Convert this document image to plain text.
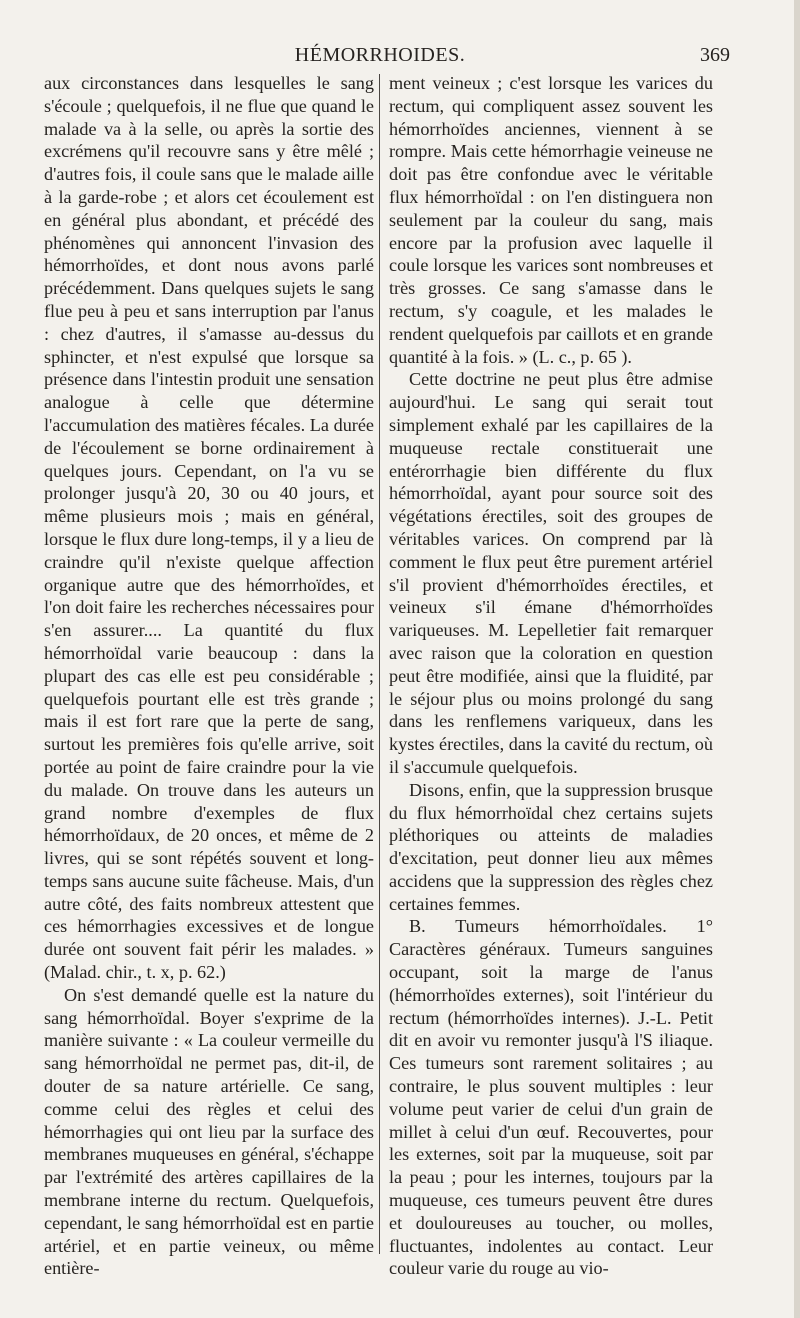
HÉMORRHOIDES.	369

aux circonstances dans lesquelles le sang s'écoule ; quelquefois, il ne flue que quand le malade va à la selle, ou après la sortie des excrémens qu'il recouvre sans y être mêlé ; d'autres fois, il coule sans que le malade aille à la garde-robe ; et alors cet écoulement est en général plus abondant, et précédé des phénomènes qui annoncent l'invasion des hémorrhoïdes, et dont nous avons parlé précédemment. Dans quelques sujets le sang flue peu à peu et sans interruption par l'anus : chez d'autres, il s'amasse au-dessus du sphincter, et n'est expulsé que lorsque sa présence dans l'intestin produit une sensation analogue à celle que détermine l'accumulation des matières fécales. La durée de l'écoulement se borne ordinairement à quelques jours. Cependant, on l'a vu se prolonger jusqu'à 20, 30 ou 40 jours, et même plusieurs mois ; mais en général, lorsque le flux dure long-temps, il y a lieu de craindre qu'il n'existe quelque affection organique autre que des hémorrhoïdes, et l'on doit faire les recherches nécessaires pour s'en assurer.... La quantité du flux hémorrhoïdal varie beaucoup : dans la plupart des cas elle est peu considérable ; quelquefois pourtant elle est très grande ; mais il est fort rare que la perte de sang, surtout les premières fois qu'elle arrive, soit portée au point de faire craindre pour la vie du malade. On trouve dans les auteurs un grand nombre d'exemples de flux hémorrhoïdaux, de 20 onces, et même de 2 livres, qui se sont répétés souvent et long-temps sans aucune suite fâcheuse. Mais, d'un autre côté, des faits nombreux attestent que ces hémorrhagies excessives et de longue durée ont souvent fait périr les malades. » (Malad. chir., t. x, p. 62.)

On s'est demandé quelle est la nature du sang hémorrhoïdal. Boyer s'exprime de la manière suivante : « La couleur vermeille du sang hémorrhoïdal ne permet pas, dit-il, de douter de sa nature artérielle. Ce sang, comme celui des règles et celui des hémorrhagies qui ont lieu par la surface des membranes muqueuses en général, s'échappe par l'extrémité des artères capillaires de la membrane interne du rectum. Quelquefois, cependant, le sang hémorrhoïdal est en partie artériel, et en partie veineux, ou même entière-

ment veineux ; c'est lorsque les varices du rectum, qui compliquent assez souvent les hémorrhoïdes anciennes, viennent à se rompre. Mais cette hémorrhagie veineuse ne doit pas être confondue avec le véritable flux hémorrhoïdal : on l'en distinguera non seulement par la couleur du sang, mais encore par la profusion avec laquelle il coule lorsque les varices sont nombreuses et très grosses. Ce sang s'amasse dans le rectum, s'y coagule, et les malades le rendent quelquefois par caillots et en grande quantité à la fois. » (L. c., p. 65 ).

Cette doctrine ne peut plus être admise aujourd'hui. Le sang qui serait tout simplement exhalé par les capillaires de la muqueuse rectale constituerait une entérorrhagie bien différente du flux hémorrhoïdal, ayant pour source soit des végétations érectiles, soit des groupes de véritables varices. On comprend par là comment le flux peut être purement artériel s'il provient d'hémorrhoïdes érectiles, et veineux s'il émane d'hémorrhoïdes variqueuses. M. Lepelletier fait remarquer avec raison que la coloration en question peut être modifiée, ainsi que la fluidité, par le séjour plus ou moins prolongé du sang dans les renflemens variqueux, dans les kystes érectiles, dans la cavité du rectum, où il s'accumule quelquefois.

Disons, enfin, que la suppression brusque du flux hémorrhoïdal chez certains sujets pléthoriques ou atteints de maladies d'excitation, peut donner lieu aux mêmes accidens que la suppression des règles chez certaines femmes.

B. Tumeurs hémorrhoïdales. 1° Caractères généraux. Tumeurs sanguines occupant, soit la marge de l'anus (hémorrhoïdes externes), soit l'intérieur du rectum (hémorrhoïdes internes). J.-L. Petit dit en avoir vu remonter jusqu'à l'S iliaque. Ces tumeurs sont rarement solitaires ; au contraire, le plus souvent multiples : leur volume peut varier de celui d'un grain de millet à celui d'un œuf. Recouvertes, pour les externes, soit par la muqueuse, soit par la peau ; pour les internes, toujours par la muqueuse, ces tumeurs peuvent être dures et douloureuses au toucher, ou molles, fluctuantes, indolentes au contact. Leur couleur varie du rouge au vio-
